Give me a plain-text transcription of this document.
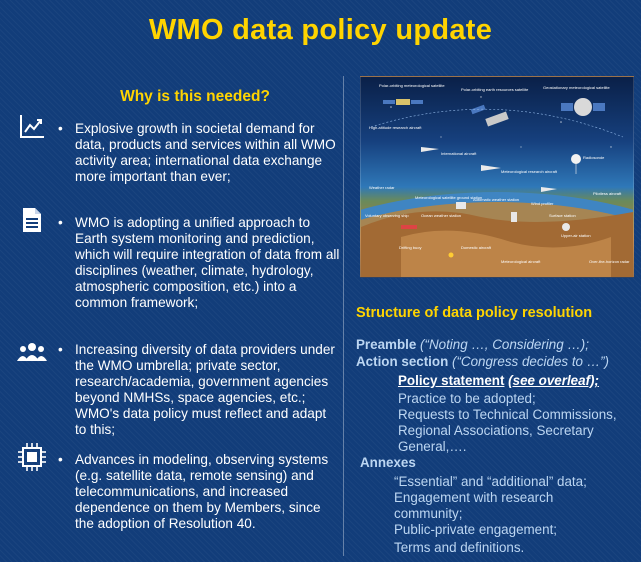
WMO data policy update
Why is this needed?
• Explosive growth in societal demand for data, products and services within all WMO activity area; international data exchange more important than ever;
• WMO is adopting a unified approach to Earth system monitoring and prediction, which will require integration of data from all disciplines (weather, climate, hydrology, atmospheric composition, etc.) into a common framework;
• Increasing diversity of data providers under the WMO umbrella; private sector, research/academia, government agencies beyond NMHSs, space agencies, etc.; WMO's data policy must reflect and adapt to this;
• Advances in modeling, observing systems (e.g. satellite data, remote sensing) and telecommunications, and increased dependence on them by Members, since the adoption of Resolution 40.
Polar-orbiting meteorological satellite
Polar-orbiting earth resources satellite	Geostationary meteorological satellite
High-altitude research aircraft
International aircraft
Meteorological research aircraft
Radiosonde
Meteorological satellite ground station
Weather radar
Automatic weather station
Domestic aircraft
Drifting buoy
Voluntary observing ship
Wind profiler
Surface station
Pilotless aircraft
Over-the-horizon radar
Upper-air station
Ocean weather station
Meteorological aircraft
Structure of data policy resolution
Preamble (“Noting …, Considering …);
Action section (“Congress decides to …”)
Policy statement (see overleaf);
Practice to be adopted;
Requests to Technical Commissions, Regional Associations, Secretary General,….
Annexes
“Essential” and “additional” data;
Engagement with research community;
Public-private engagement;
Terms and definitions.
